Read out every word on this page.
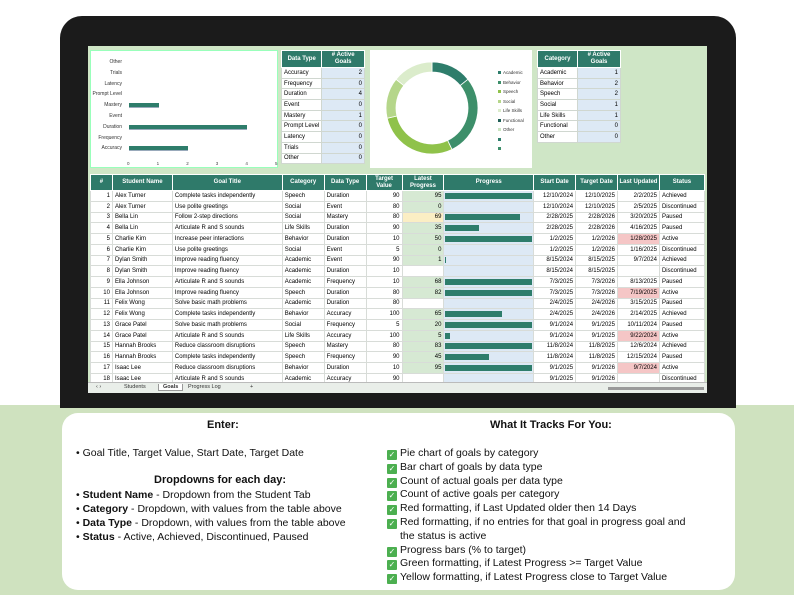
Other
Trials
Latency
Prompt Level
Mastery
Event
Duration
Frequency
Accuracy
0	1	2	3	4	5
Data Type	# Active Goals
Accuracy	2
Frequency	0
Duration	4
Event	0
Mastery	1
Prompt Level	0
Latency	0
Trials	0
Other	0
Academic
Behavior
Speech
Social
Life Skills
Functional
Other
Category	# Active Goals
Academic	1
Behavior	2
Speech	2
Social	1
Life Skills	1
Functional	0
Other	0
#	Student Name	Goal Title	Category	Data Type	Target Value	Latest Progress	Progress	Start Date	Target Date	Last Updated	Status
1	Alex Turner	Complete tasks independently	Speech	Duration	90	95		12/10/2024	12/10/2025	2/2/2025	Achieved
2	Alex Turner	Use polite greetings	Social	Event	80	0		12/10/2024	12/10/2025	2/5/2025	Discontinued
3	Bella Lin	Follow 2-step directions	Social	Mastery	80	69		2/28/2025	2/28/2026	3/20/2025	Paused
4	Bella Lin	Articulate R and S sounds	Life Skills	Duration	90	35		2/28/2025	2/28/2026	4/16/2025	Paused
5	Charlie Kim	Increase peer interactions	Behavior	Duration	10	50		1/2/2025	1/2/2026	1/28/2025	Active
6	Charlie Kim	Use polite greetings	Social	Event	5	0		1/2/2025	1/2/2026	1/16/2025	Discontinued
7	Dylan Smith	Improve reading fluency	Academic	Event	90	1		8/15/2024	8/15/2025	9/7/2024	Achieved
8	Dylan Smith	Improve reading fluency	Academic	Duration	10			8/15/2024	8/15/2025		Discontinued
9	Ella Johnson	Articulate R and S sounds	Academic	Frequency	10	68		7/3/2025	7/3/2026	8/13/2025	Paused
10	Ella Johnson	Improve reading fluency	Speech	Duration	80	82		7/3/2025	7/3/2026	7/19/2025	Active
11	Felix Wong	Solve basic math problems	Academic	Duration	80			2/4/2025	2/4/2026	3/15/2025	Paused
12	Felix Wong	Complete tasks independently	Behavior	Accuracy	100	65		2/4/2025	2/4/2026	2/14/2025	Achieved
13	Grace Patel	Solve basic math problems	Social	Frequency	5	20		9/1/2024	9/1/2025	10/11/2024	Paused
14	Grace Patel	Articulate R and S sounds	Life Skills	Accuracy	100	5		9/1/2024	9/1/2025	9/22/2024	Active
15	Hannah Brooks	Reduce classroom disruptions	Speech	Mastery	80	83		11/8/2024	11/8/2025	12/6/2024	Achieved
16	Hannah Brooks	Complete tasks independently	Speech	Frequency	90	45		11/8/2024	11/8/2025	12/15/2024	Paused
17	Isaac Lee	Reduce classroom disruptions	Behavior	Duration	10	95		9/1/2025	9/1/2026	9/7/2024	Active
18	Isaac Lee	Articulate R and S sounds	Academic	Accuracy	90			9/1/2025	9/1/2026		Discontinued
‹ ›	Students	Goals	Progress Log	+
Enter:
• Goal Title, Target Value, Start Date, Target Date
Dropdowns for each day:
What It Tracks For You:
• Student Name - Dropdown from the Student Tab
• Category - Dropdown, with values from the table above
• Data Type - Dropdown, with values from the table above
• Status - Active, Achieved, Discontinued, Paused
✓ Pie chart of goals by category
✓ Bar chart of goals by data type
✓ Count of actual goals per data type
✓ Count of active goals per category
✓ Red formatting, if Last Updated older then 14 Days
✓ Red formatting, if no entries for that goal in progress goal and
the status is active
✓ Progress bars (% to target)
✓ Green formatting, if Latest Progress >= Target Value
✓ Yellow formatting, if Latest Progress close to Target Value
